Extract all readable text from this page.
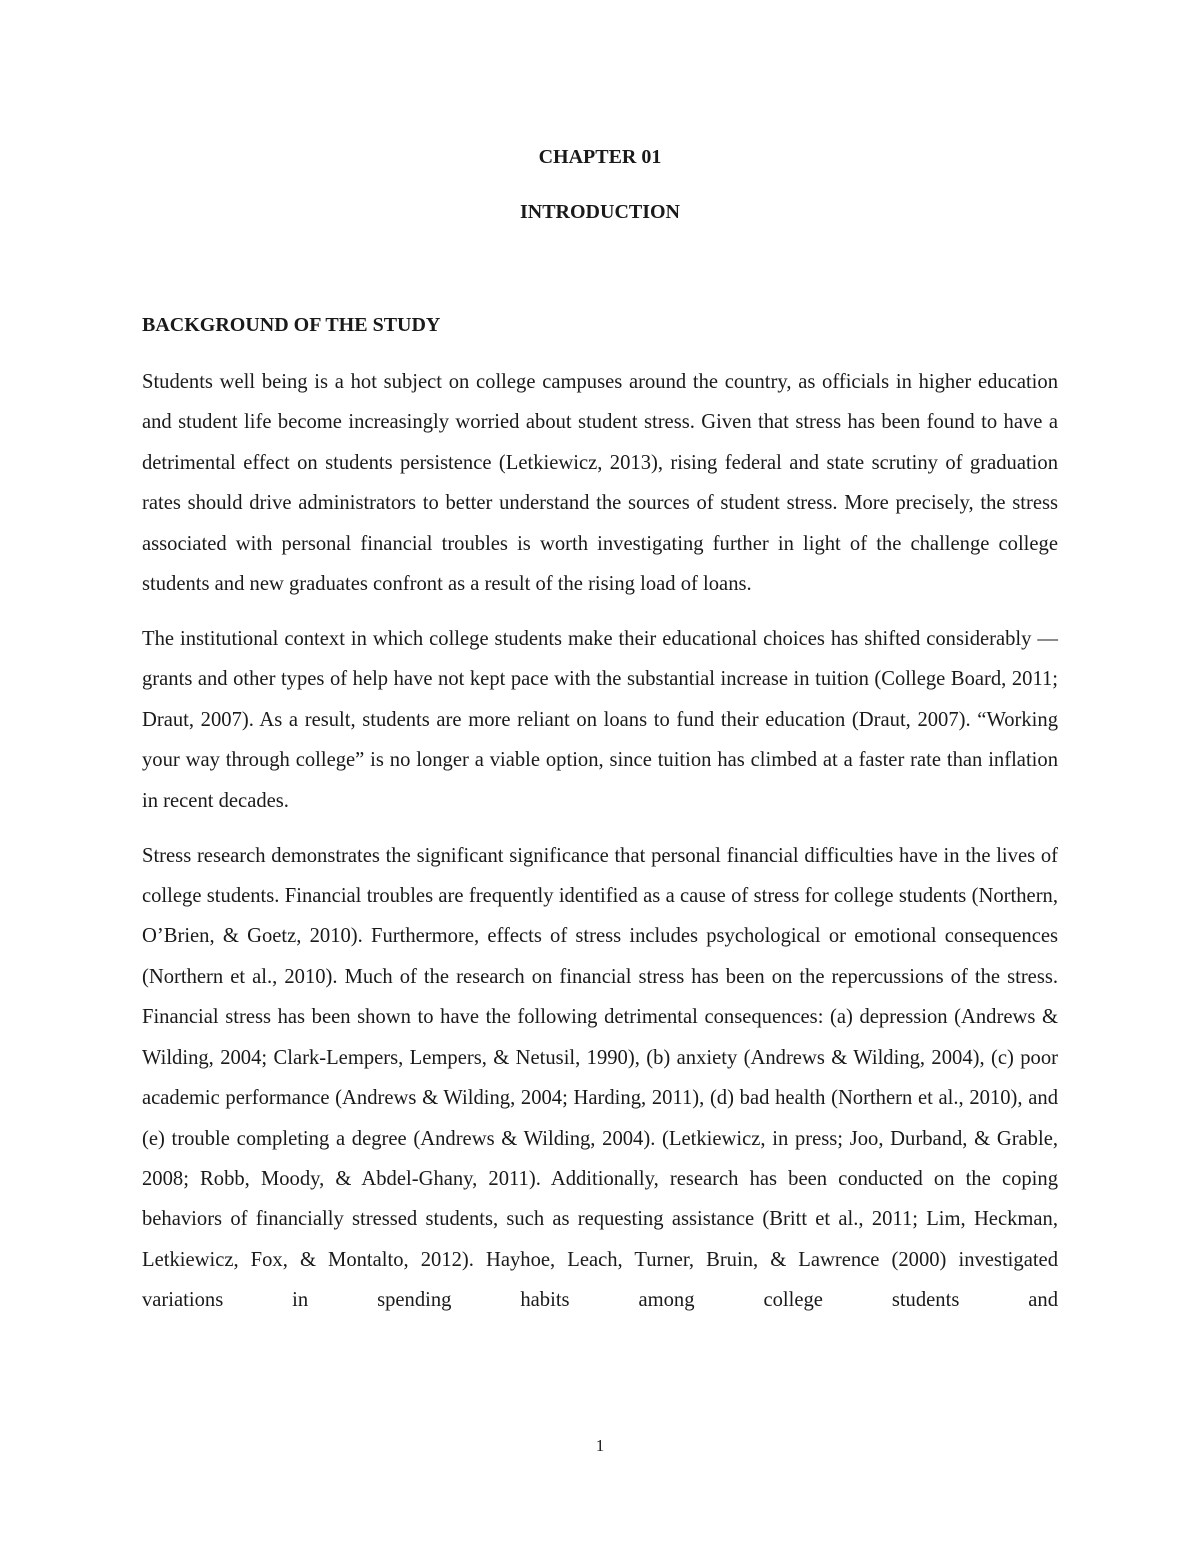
CHAPTER 01
INTRODUCTION
BACKGROUND OF THE STUDY

Students well being is a hot subject on college campuses around the country, as officials in higher education and student life become increasingly worried about student stress. Given that stress has been found to have a detrimental effect on students persistence (Letkiewicz, 2013), rising federal and state scrutiny of graduation rates should drive administrators to better understand the sources of student stress. More precisely, the stress associated with personal financial troubles is worth investigating further in light of the challenge college students and new graduates confront as a result of the rising load of loans.

The institutional context in which college students make their educational choices has shifted considerably — grants and other types of help have not kept pace with the substantial increase in tuition (College Board, 2011; Draut, 2007). As a result, students are more reliant on loans to fund their education (Draut, 2007). “Working your way through college” is no longer a viable option, since tuition has climbed at a faster rate than inflation in recent decades.

Stress research demonstrates the significant significance that personal financial difficulties have in the lives of college students. Financial troubles are frequently identified as a cause of stress for college students (Northern, O’Brien, & Goetz, 2010). Furthermore, effects of stress includes psychological or emotional consequences (Northern et al., 2010). Much of the research on financial stress has been on the repercussions of the stress. Financial stress has been shown to have the following detrimental consequences: (a) depression (Andrews & Wilding, 2004; Clark-Lempers, Lempers, & Netusil, 1990), (b) anxiety (Andrews & Wilding, 2004), (c) poor academic performance (Andrews & Wilding, 2004; Harding, 2011), (d) bad health (Northern et al., 2010), and (e) trouble completing a degree (Andrews & Wilding, 2004). (Letkiewicz, in press; Joo, Durband, & Grable, 2008; Robb, Moody, & Abdel-Ghany, 2011). Additionally, research has been conducted on the coping behaviors of financially stressed students, such as requesting assistance (Britt et al., 2011; Lim, Heckman, Letkiewicz, Fox, & Montalto, 2012). Hayhoe, Leach, Turner, Bruin, & Lawrence (2000) investigated variations in spending habits among college students and

1
